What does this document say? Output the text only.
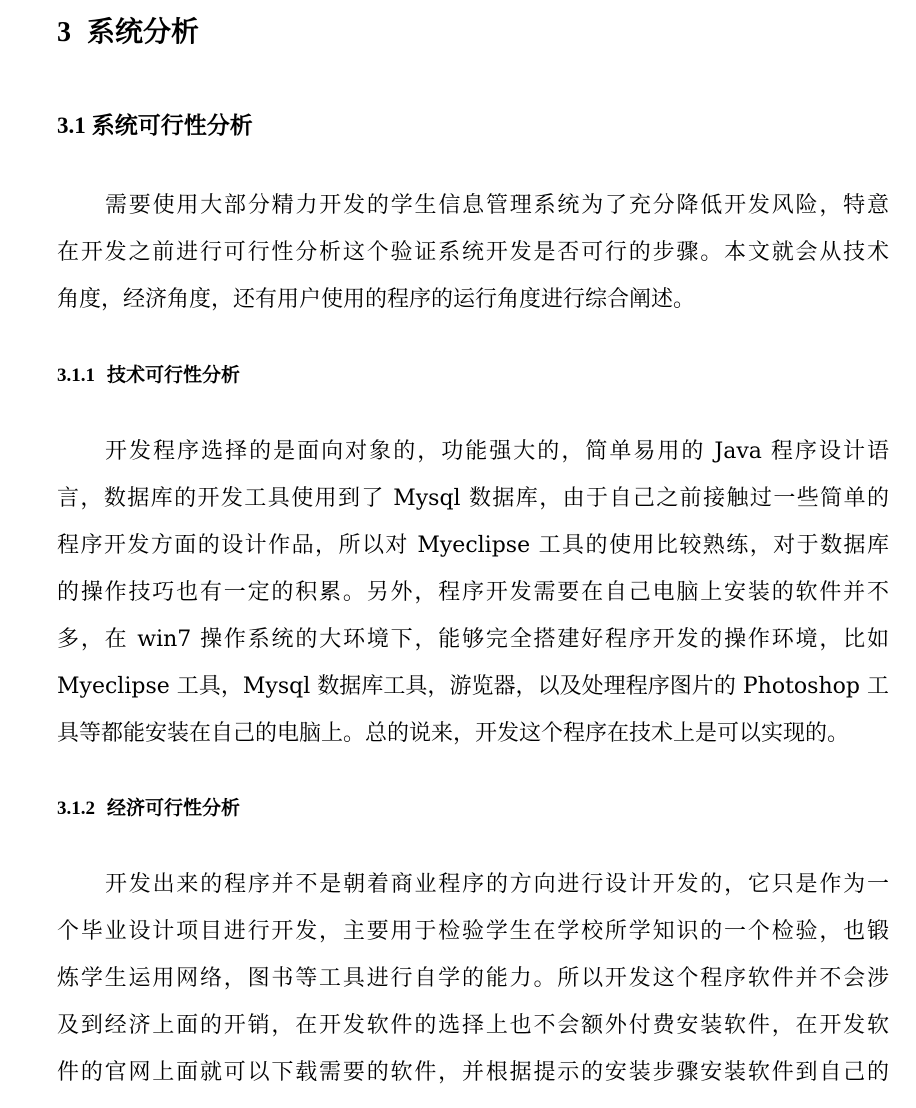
3 系统分析
3.1 系统可行性分析
需要使用大部分精力开发的学生信息管理系统为了充分降低开发风险，特意
在开发之前进行可行性分析这个验证系统开发是否可行的步骤。本文就会从技术
角度，经济角度，还有用户使用的程序的运行角度进行综合阐述。
3.1.1 技术可行性分析
开发程序选择的是面向对象的，功能强大的，简单易用的 Java 程序设计语
言，数据库的开发工具使用到了 Mysql 数据库，由于自己之前接触过一些简单的
程序开发方面的设计作品，所以对 Myeclipse 工具的使用比较熟练，对于数据库
的操作技巧也有一定的积累。另外，程序开发需要在自己电脑上安装的软件并不
多，在 win7 操作系统的大环境下，能够完全搭建好程序开发的操作环境，比如
Myeclipse 工具，Mysql 数据库工具，游览器，以及处理程序图片的 Photoshop 工
具等都能安装在自己的电脑上。总的说来，开发这个程序在技术上是可以实现的。
3.1.2 经济可行性分析
开发出来的程序并不是朝着商业程序的方向进行设计开发的，它只是作为一
个毕业设计项目进行开发，主要用于检验学生在学校所学知识的一个检验，也锻
炼学生运用网络，图书等工具进行自学的能力。所以开发这个程序软件并不会涉
及到经济上面的开销，在开发软件的选择上也不会额外付费安装软件，在开发软
件的官网上面就可以下载需要的软件，并根据提示的安装步骤安装软件到自己的
